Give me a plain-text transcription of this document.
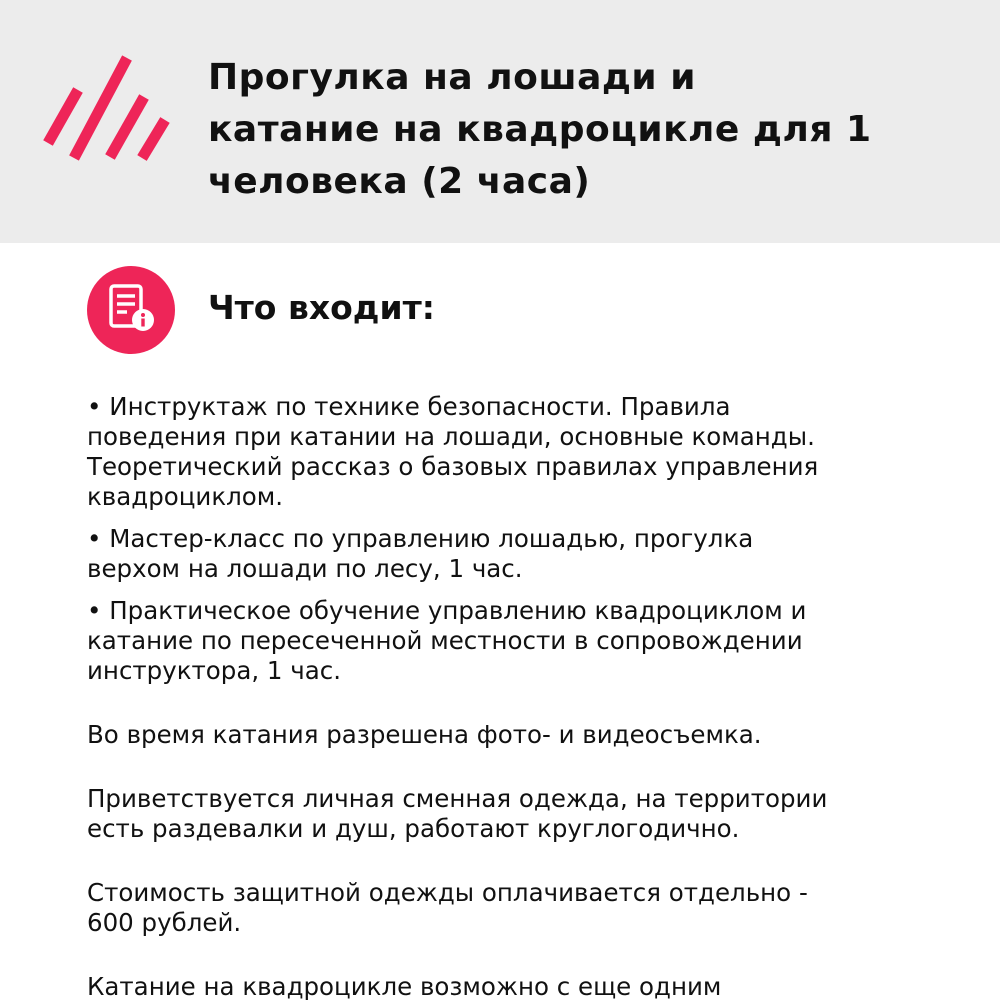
Прогулка на лошади и
катание на квадроцикле для 1
человека (2 часа)
Что входит:

• Инструктаж по технике безопасности. Правила

поведения при катании на лошади, основные команды.

Теоретический рассказ о базовых правилах управления

квадроциклом.

• Мастер-класс по управлению лошадью, прогулка

верхом на лошади по лесу, 1 час.

• Практическое обучение управлению квадроциклом и

катание по пересеченной местности в сопровождении

инструктора, 1 час.

Во время катания разрешена фото- и видеосъемка.

Приветствуется личная сменная одежда, на территории

есть раздевалки и душ, работают круглогодично.

Стоимость защитной одежды оплачивается отдельно -

600 рублей.

Катание на квадроцикле возможно с еще одним
